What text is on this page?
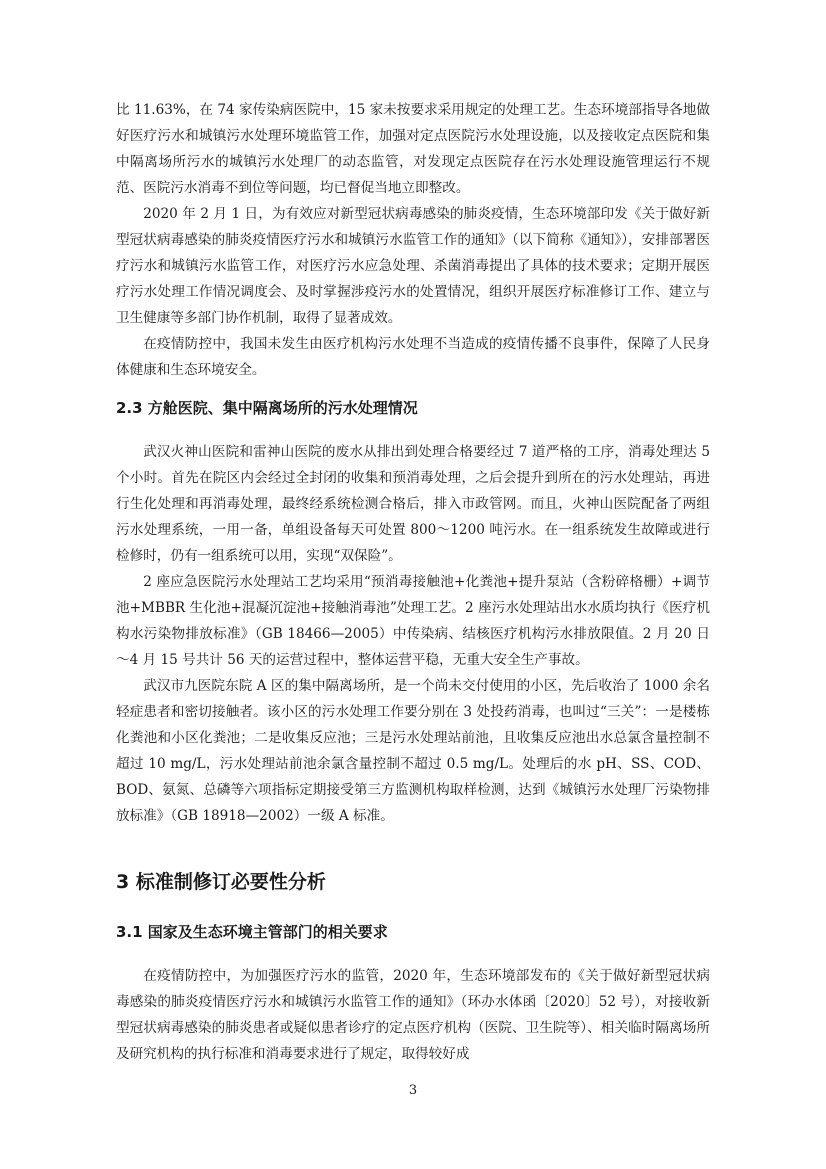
比 11.63%，在 74 家传染病医院中，15 家未按要求采用规定的处理工艺。生态环境部指导各地做好医疗污水和城镇污水处理环境监管工作，加强对定点医院污水处理设施，以及接收定点医院和集中隔离场所污水的城镇污水处理厂的动态监管，对发现定点医院存在污水处理设施管理运行不规范、医院污水消毒不到位等问题，均已督促当地立即整改。

2020 年 2 月 1 日，为有效应对新型冠状病毒感染的肺炎疫情，生态环境部印发《关于做好新型冠状病毒感染的肺炎疫情医疗污水和城镇污水监管工作的通知》（以下简称《通知》），安排部署医疗污水和城镇污水监管工作，对医疗污水应急处理、杀菌消毒提出了具体的技术要求；定期开展医疗污水处理工作情况调度会、及时掌握涉疫污水的处置情况，组织开展医疗标准修订工作、建立与卫生健康等多部门协作机制，取得了显著成效。

在疫情防控中，我国未发生由医疗机构污水处理不当造成的疫情传播不良事件，保障了人民身体健康和生态环境安全。

2.3 方舱医院、集中隔离场所的污水处理情况

武汉火神山医院和雷神山医院的废水从排出到处理合格要经过 7 道严格的工序，消毒处理达 5 个小时。首先在院区内会经过全封闭的收集和预消毒处理，之后会提升到所在的污水处理站，再进行生化处理和再消毒处理，最终经系统检测合格后，排入市政管网。而且，火神山医院配备了两组污水处理系统，一用一备，单组设备每天可处置 800～1200 吨污水。在一组系统发生故障或进行检修时，仍有一组系统可以用，实现“双保险”。

2 座应急医院污水处理站工艺均采用“预消毒接触池+化粪池+提升泵站（含粉碎格栅）+调节池+MBBR 生化池+混凝沉淀池+接触消毒池”处理工艺。2 座污水处理站出水水质均执行《医疗机构水污染物排放标准》（GB 18466—2005）中传染病、结核医疗机构污水排放限值。2 月 20 日～4 月 15 号共计 56 天的运营过程中，整体运营平稳，无重大安全生产事故。

武汉市九医院东院 A 区的集中隔离场所，是一个尚未交付使用的小区，先后收治了 1000 余名轻症患者和密切接触者。该小区的污水处理工作要分别在 3 处投药消毒，也叫过“三关”：一是楼栋化粪池和小区化粪池；二是收集反应池；三是污水处理站前池，且收集反应池出水总氯含量控制不超过 10 mg/L，污水处理站前池余氯含量控制不超过 0.5 mg/L。处理后的水 pH、SS、COD、BOD、氨氮、总磷等六项指标定期接受第三方监测机构取样检测，达到《城镇污水处理厂污染物排放标准》（GB 18918—2002）一级 A 标准。

3 标准制修订必要性分析
3.1 国家及生态环境主管部门的相关要求

在疫情防控中，为加强医疗污水的监管，2020 年，生态环境部发布的《关于做好新型冠状病毒感染的肺炎疫情医疗污水和城镇污水监管工作的通知》（环办水体函〔2020〕52 号），对接收新型冠状病毒感染的肺炎患者或疑似患者诊疗的定点医疗机构（医院、卫生院等）、相关临时隔离场所及研究机构的执行标准和消毒要求进行了规定，取得较好成

3
